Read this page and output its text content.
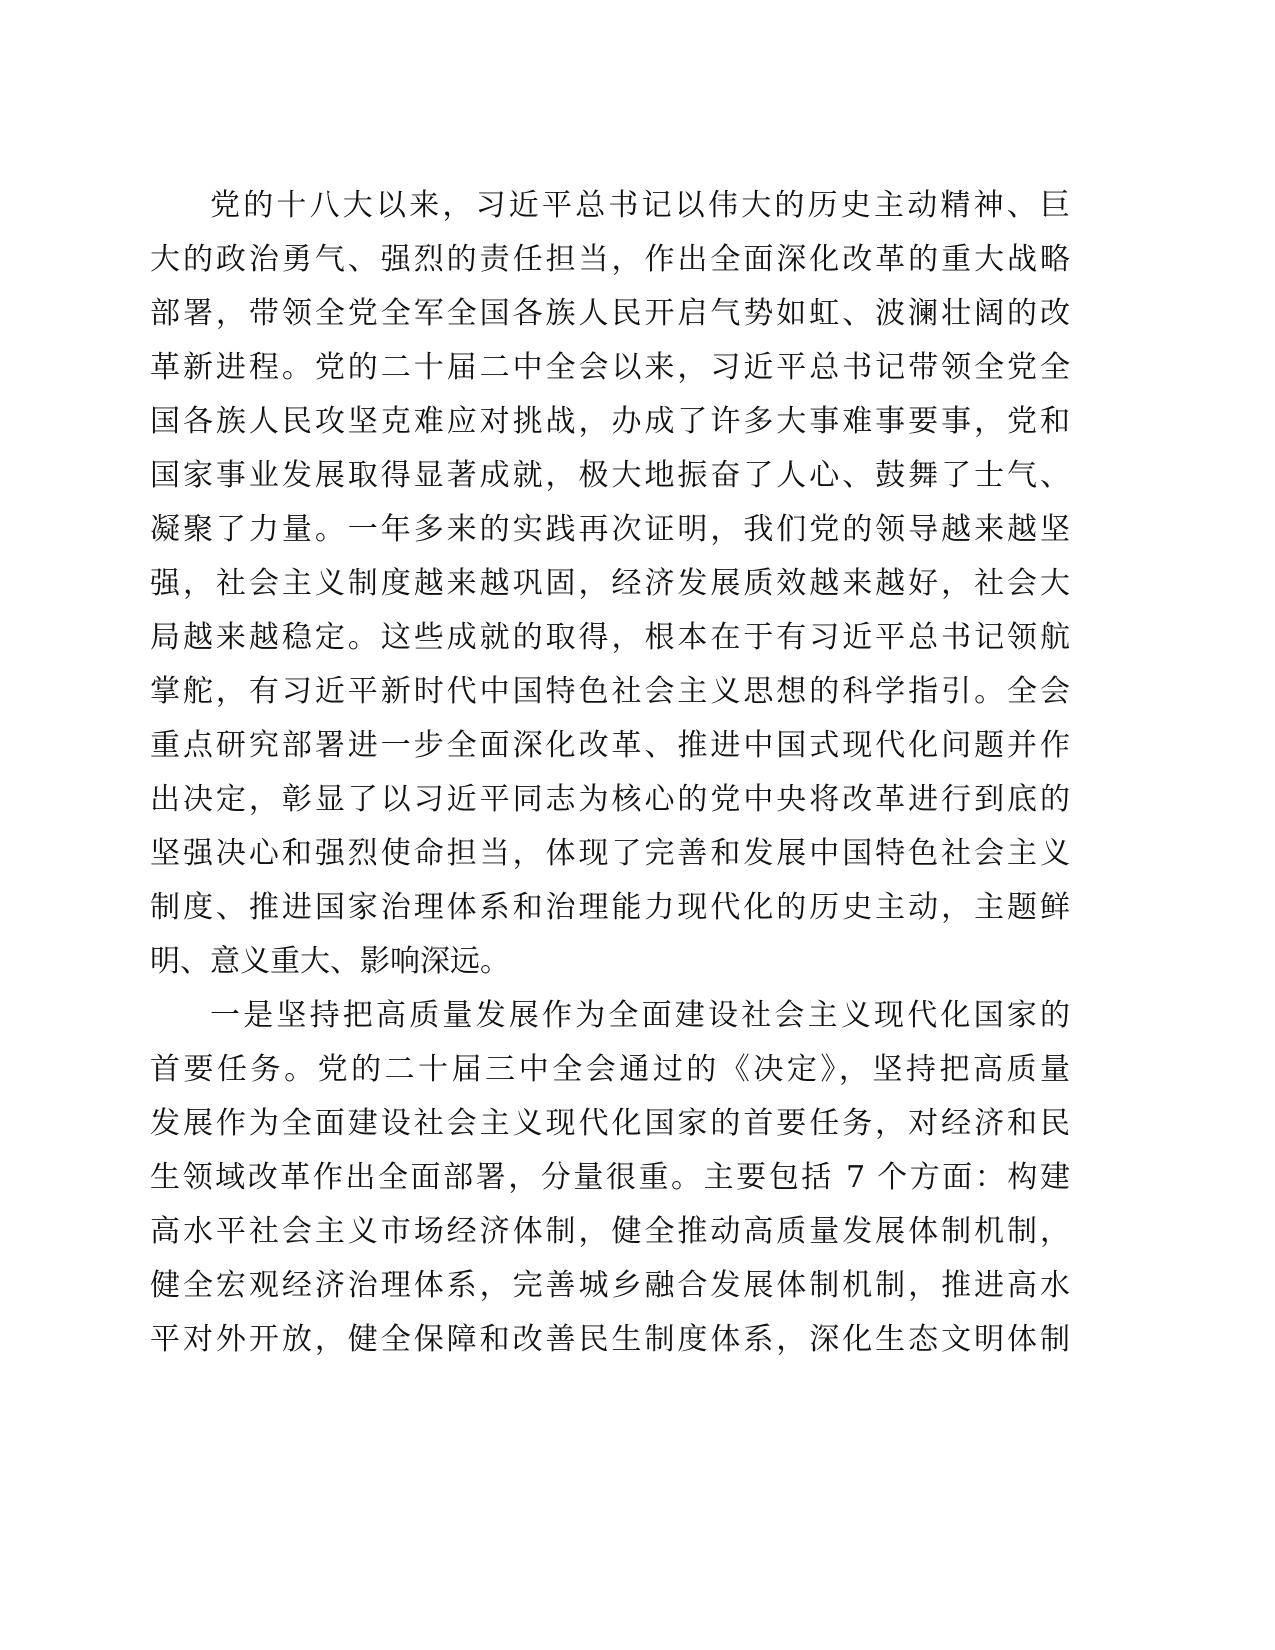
党的十八大以来，习近平总书记以伟大的历史主动精神、巨
大的政治勇气、强烈的责任担当，作出全面深化改革的重大战略
部署，带领全党全军全国各族人民开启气势如虹、波澜壮阔的改
革新进程。党的二十届二中全会以来，习近平总书记带领全党全
国各族人民攻坚克难应对挑战，办成了许多大事难事要事，党和
国家事业发展取得显著成就，极大地振奋了人心、鼓舞了士气、
凝聚了力量。一年多来的实践再次证明，我们党的领导越来越坚
强，社会主义制度越来越巩固，经济发展质效越来越好，社会大
局越来越稳定。这些成就的取得，根本在于有习近平总书记领航
掌舵，有习近平新时代中国特色社会主义思想的科学指引。全会
重点研究部署进一步全面深化改革、推进中国式现代化问题并作
出决定，彰显了以习近平同志为核心的党中央将改革进行到底的
坚强决心和强烈使命担当，体现了完善和发展中国特色社会主义
制度、推进国家治理体系和治理能力现代化的历史主动，主题鲜
明、意义重大、影响深远。
一是坚持把高质量发展作为全面建设社会主义现代化国家的
首要任务。党的二十届三中全会通过的《决定》，坚持把高质量
发展作为全面建设社会主义现代化国家的首要任务，对经济和民
生领域改革作出全面部署，分量很重。主要包括 7 个方面：构建
高水平社会主义市场经济体制，健全推动高质量发展体制机制，
健全宏观经济治理体系，完善城乡融合发展体制机制，推进高水
平对外开放，健全保障和改善民生制度体系，深化生态文明体制
